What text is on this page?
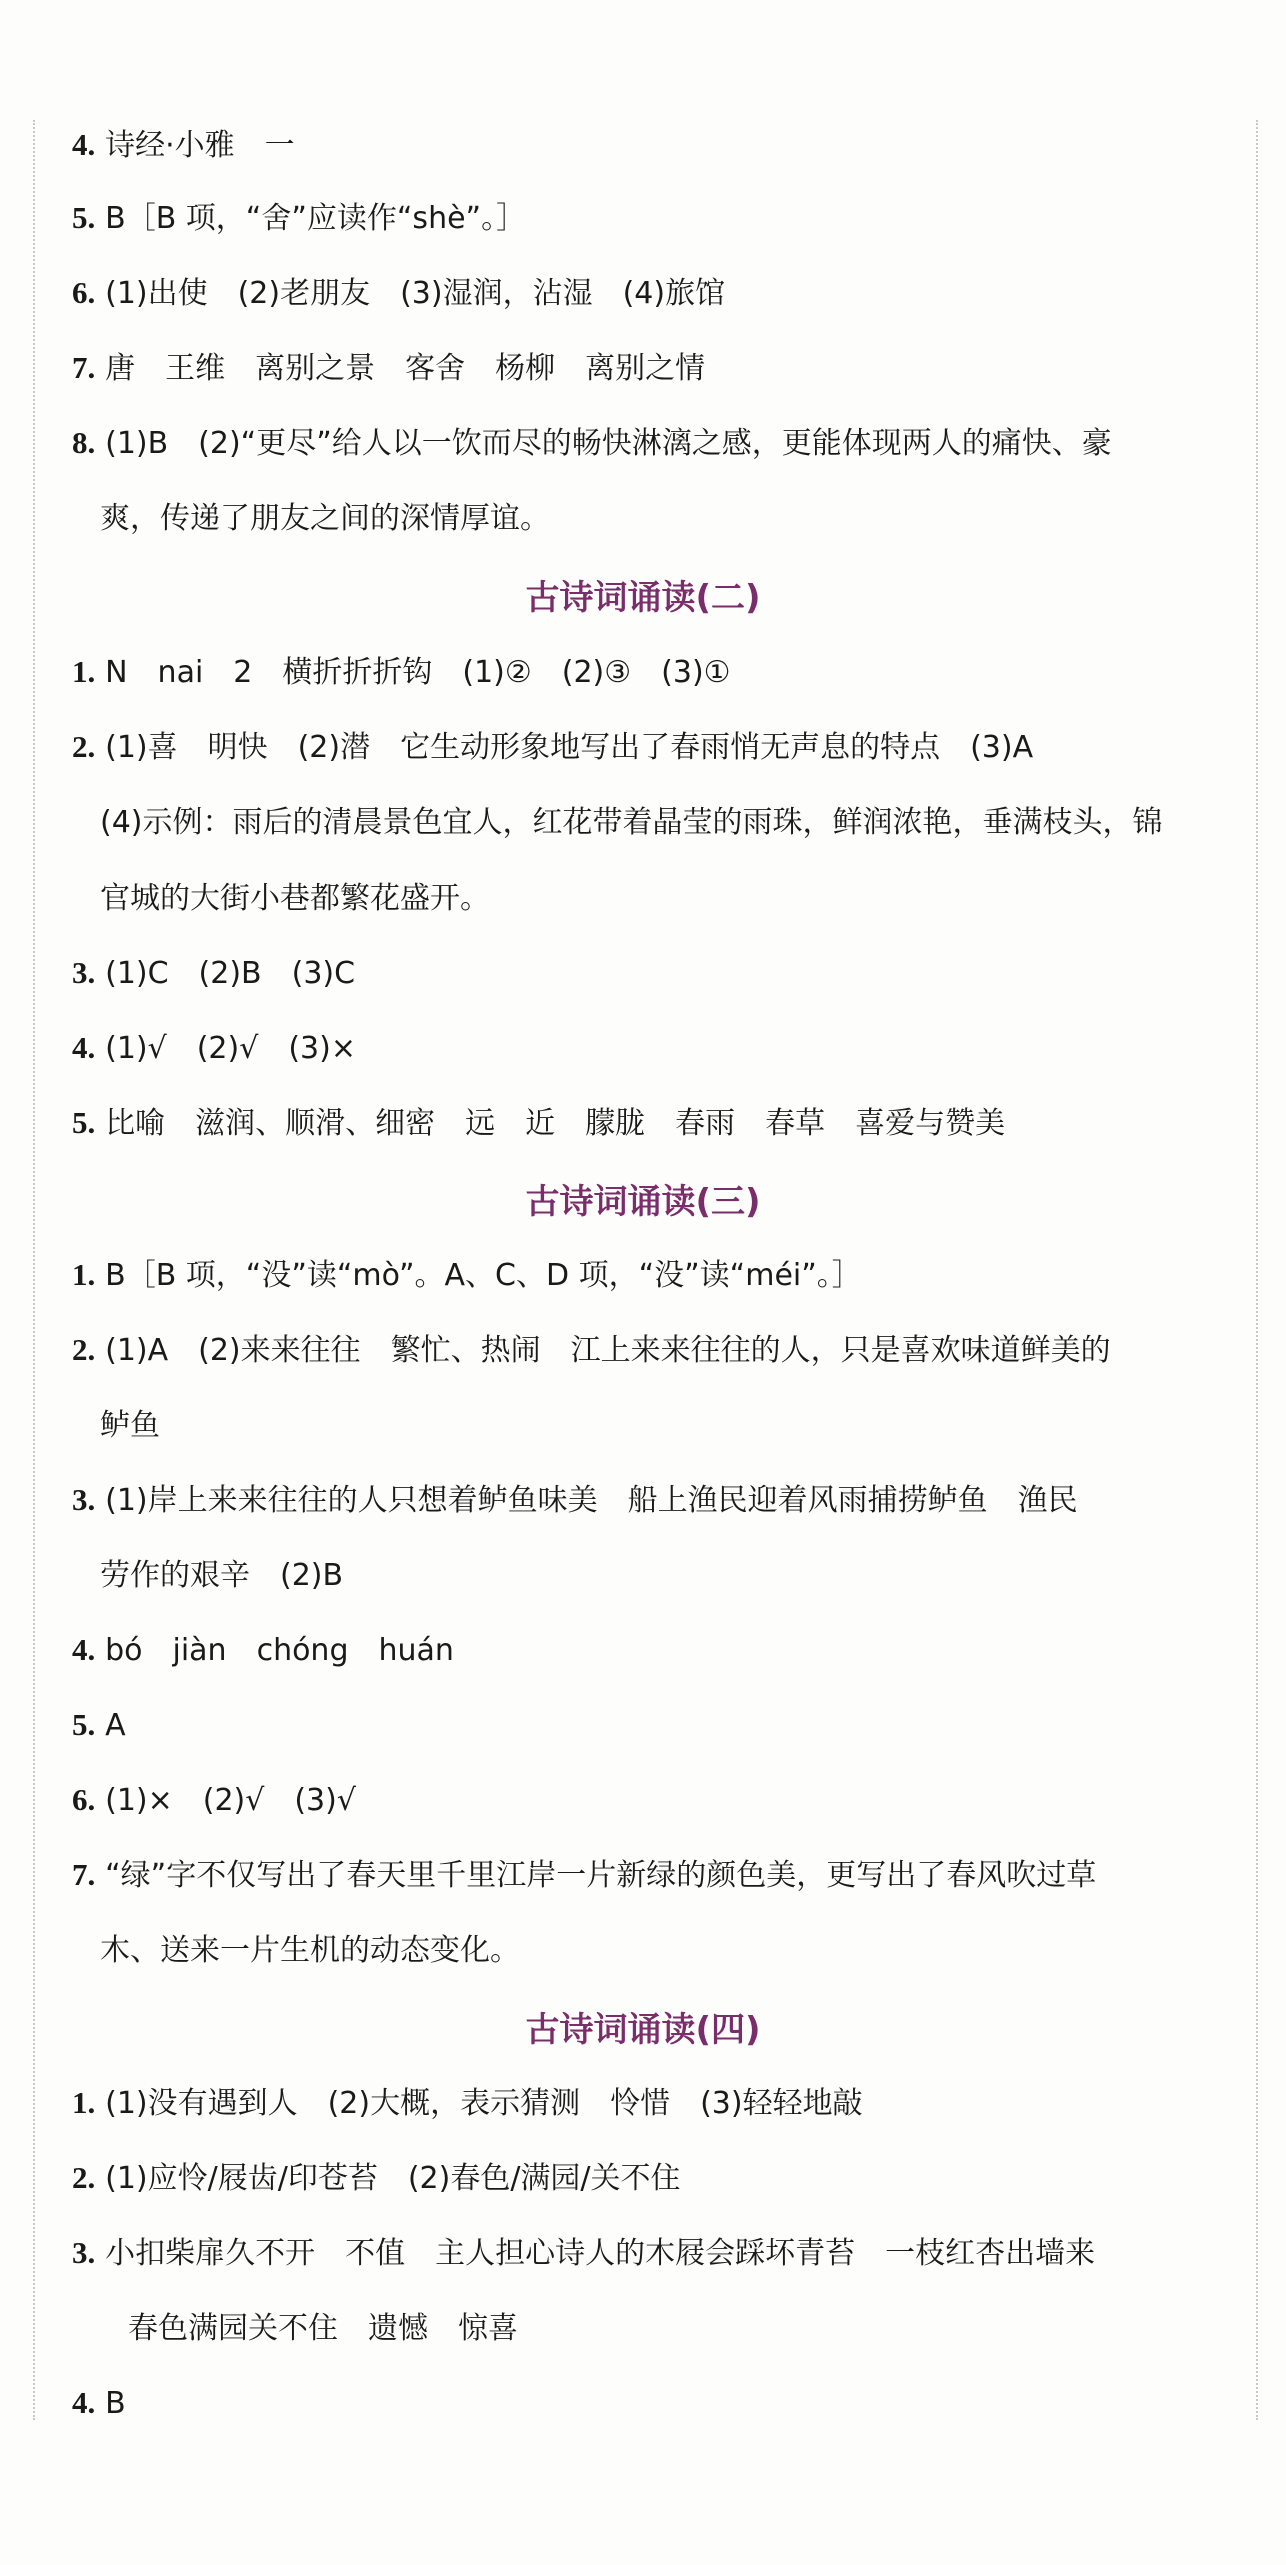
4. 诗经·小雅　一
5. B［B 项，“舍”应读作“shè”。］
6. (1)出使　(2)老朋友　(3)湿润，沾湿　(4)旅馆
7. 唐　王维　离别之景　客舍　杨柳　离别之情
8. (1)B　(2)“更尽”给人以一饮而尽的畅快淋漓之感，更能体现两人的痛快、豪
爽，传递了朋友之间的深情厚谊。
古诗词诵读(二)
1. N　nai　2　横折折折钩　(1)②　(2)③　(3)①
2. (1)喜　明快　(2)潜　它生动形象地写出了春雨悄无声息的特点　(3)A
(4)示例：雨后的清晨景色宜人，红花带着晶莹的雨珠，鲜润浓艳，垂满枝头，锦
官城的大街小巷都繁花盛开。
3. (1)C　(2)B　(3)C
4. (1)√　(2)√　(3)×
5. 比喻　滋润、顺滑、细密　远　近　朦胧　春雨　春草　喜爱与赞美
古诗词诵读(三)
1. B［B 项，“没”读“mò”。A、C、D 项，“没”读“méi”。］
2. (1)A　(2)来来往往　繁忙、热闹　江上来来往往的人，只是喜欢味道鲜美的
鲈鱼
3. (1)岸上来来往往的人只想着鲈鱼味美　船上渔民迎着风雨捕捞鲈鱼　渔民
劳作的艰辛　(2)B
4. bó　jiàn　chóng　huán
5. A
6. (1)×　(2)√　(3)√
7. “绿”字不仅写出了春天里千里江岸一片新绿的颜色美，更写出了春风吹过草
木、送来一片生机的动态变化。
古诗词诵读(四)
1. (1)没有遇到人　(2)大概，表示猜测　怜惜　(3)轻轻地敲
2. (1)应怜/屐齿/印苍苔　(2)春色/满园/关不住
3. 小扣柴扉久不开　不值　主人担心诗人的木屐会踩坏青苔　一枝红杏出墙来
春色满园关不住　遗憾　惊喜
4. B
